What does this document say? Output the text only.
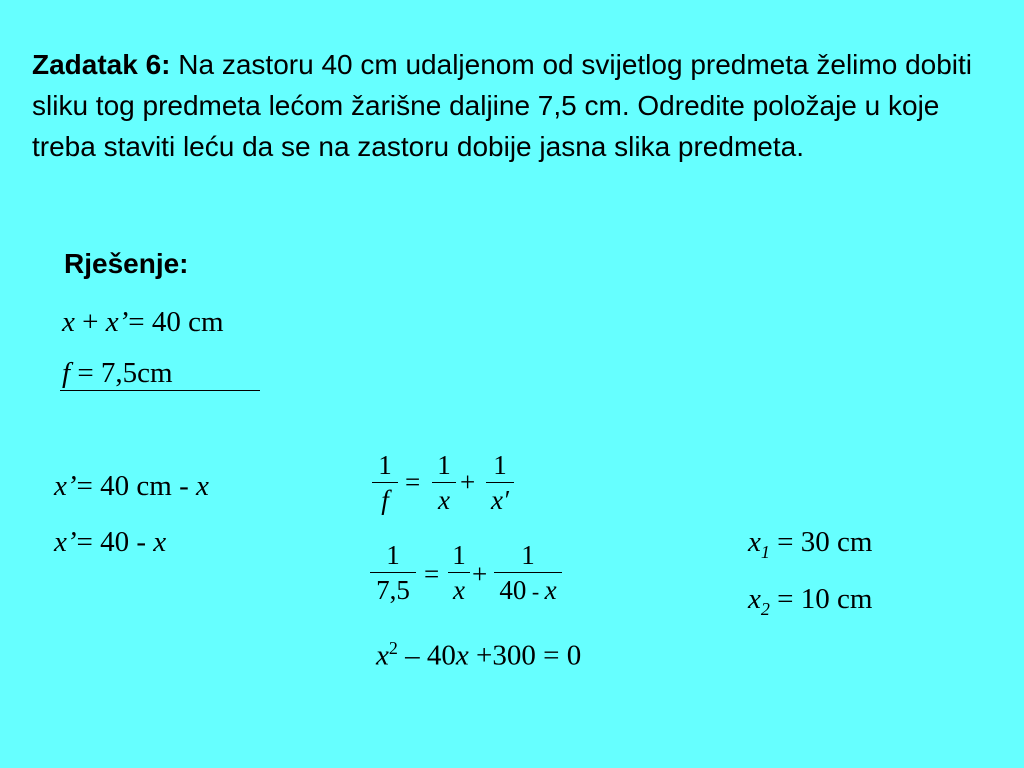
Zadatak 6: Na zastoru 40 cm udaljenom od svijetlog predmeta želimo dobiti sliku tog predmeta lećom žarišne daljine 7,5 cm. Odredite položaje u koje treba staviti leću da se na zastoru dobije jasna slika predmeta.
Rješenje:
x + x’= 40 cm
f = 7,5cm
x’= 40 cm - x
x’= 40 - x
1
f
=
1
x
+
1
x′
1
7,5
=
1
x
+
1
40 - x
$x^2 - 40x +300 = 0$
$x_1 = 30$ cm
$x_2 = 10$ cm
